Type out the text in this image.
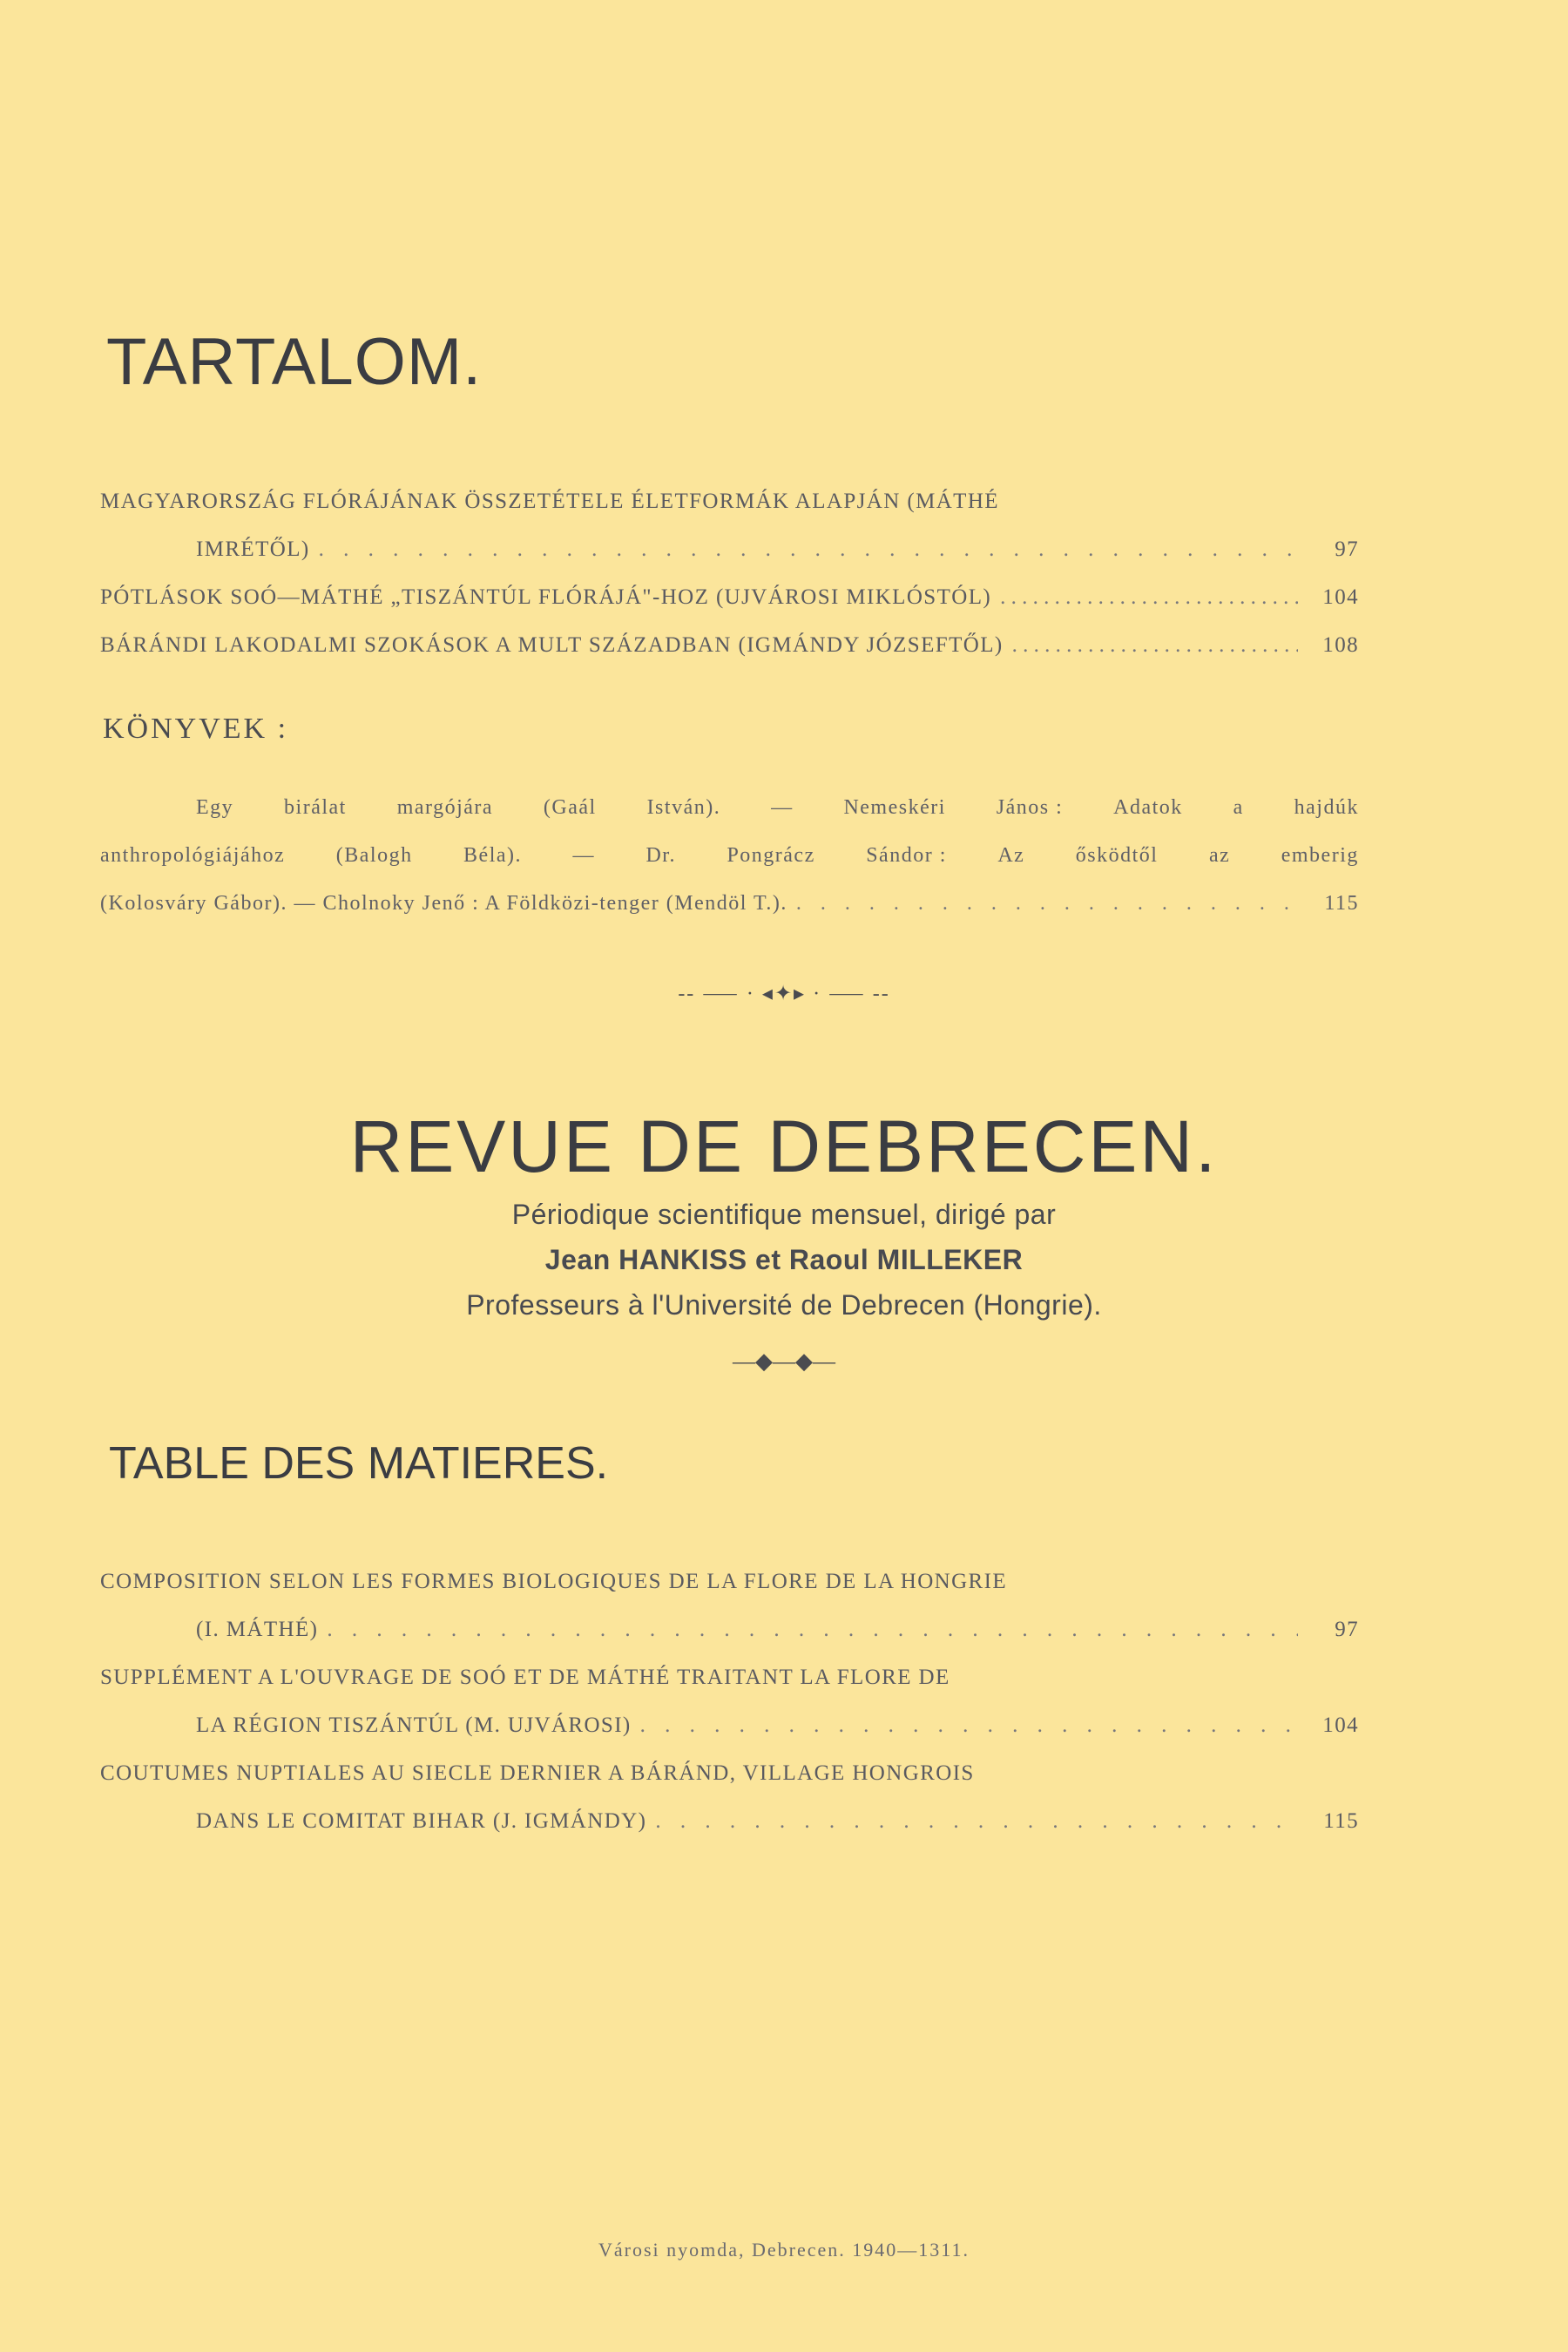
TARTALOM.
MAGYARORSZÁG FLÓRÁJÁNAK ÖSSZETÉTELE ÉLETFORMÁK ALAPJÁN (MÁTHÉ
IMRÉTŐL) . . .	97
PÓTLÁSOK SOÓ—MÁTHÉ „TISZÁNTÚL FLÓRÁJÁ"-HOZ (UJVÁROSI MIKLÓSTÓL) . . .	104
BÁRÁNDI LAKODALMI SZOKÁSOK A MULT SZÁZADBAN (IGMÁNDY JÓZSEFTŐL) . . .	108
KÖNYVEK :
Egy birálat margójára (Gaál István). — Nemeskéri János : Adatok a hajdúk
anthropológiájához (Balogh Béla). — Dr. Pongrácz Sándor : Az ősködtől az emberig
(Kolosváry Gábor). — Cholnoky Jenő : A Földközi-tenger (Mendöl T.). . . .	115
-- ⸺ · ◂✦▸ · ⸺ --
REVUE DE DEBRECEN.
Périodique scientifique mensuel, dirigé par
Jean HANKISS et Raoul MILLEKER
Professeurs à l'Université de Debrecen (Hongrie).
—◆—◆—
TABLE DES MATIERES.
COMPOSITION SELON LES FORMES BIOLOGIQUES DE LA FLORE DE LA HONGRIE
(I. MÁTHÉ) . . .	97
SUPPLÉMENT A L'OUVRAGE DE SOÓ ET DE MÁTHÉ TRAITANT LA FLORE DE
LA RÉGION TISZÁNTÚL (M. UJVÁROSI) . . .	104
COUTUMES NUPTIALES AU SIECLE DERNIER A BÁRÁND, VILLAGE HONGROIS
DANS LE COMITAT BIHAR (J. IGMÁNDY) . . .	115
Városi nyomda, Debrecen. 1940—1311.
